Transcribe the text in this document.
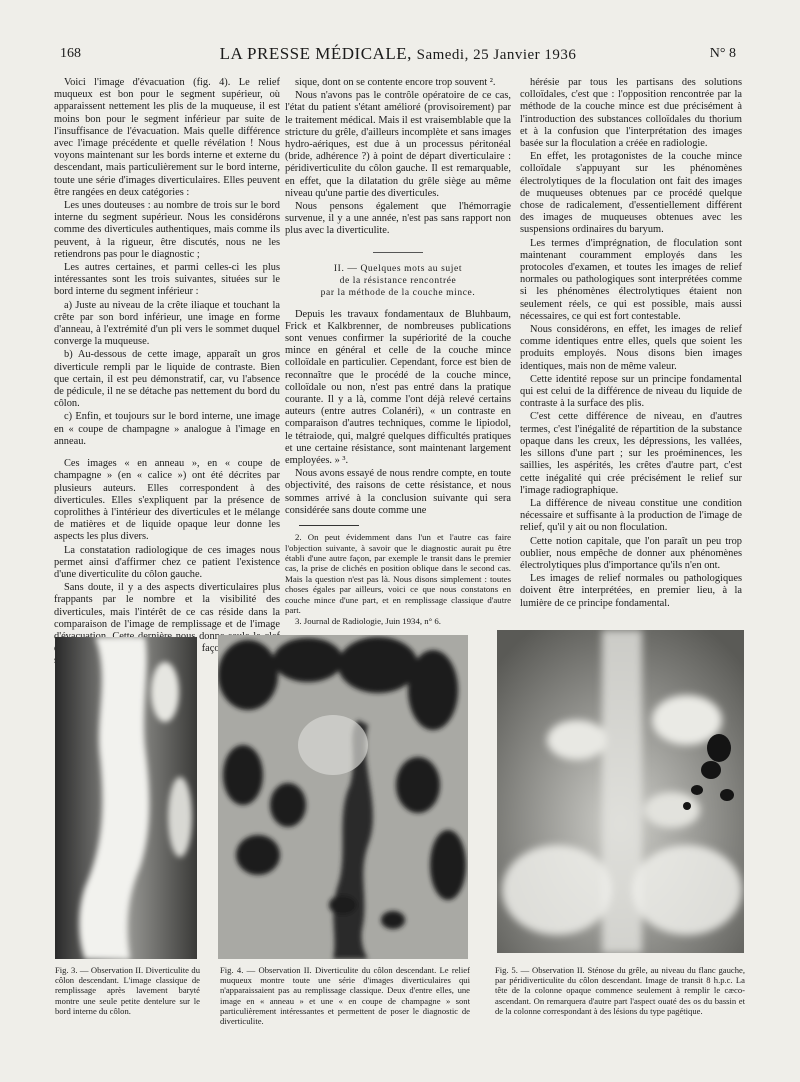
168	LA PRESSE MÉDICALE, Samedi, 25 Janvier 1936	N° 8

Voici l'image d'évacuation (fig. 4). Le relief muqueux est bon pour le segment supérieur, où apparaissent nettement les plis de la muqueuse, il est moins bon pour le segment inférieur par suite de l'insuffisance de l'évacuation. Mais quelle différence avec l'image précédente et quelle révélation ! Nous voyons maintenant sur les bords interne et externe du descendant, mais particulièrement sur le bord interne, toute une série d'images diverticulaires. Elles peuvent être rangées en deux catégories :

Les unes douteuses : au nombre de trois sur le bord interne du segment supérieur. Nous les considérons comme des diverticules authentiques, mais comme ils peuvent, à la rigueur, être discutés, nous ne les retiendrons pas pour le diagnostic ;

Les autres certaines, et parmi celles-ci les plus intéressantes sont les trois suivantes, situées sur le bord interne du segment inférieur :

a) Juste au niveau de la crête iliaque et touchant la crête par son bord inférieur, une image en forme d'anneau, à l'extrémité d'un pli vers le sommet duquel converge la muqueuse.

b) Au-dessous de cette image, apparaît un gros diverticule rempli par le liquide de contraste. Bien que certain, il est peu démonstratif, car, vu l'absence de pédicule, il ne se détache pas nettement du bord du côlon.

c) Enfin, et toujours sur le bord interne, une image en « coupe de champagne » analogue à l'image en anneau.

Ces images « en anneau », en « coupe de champagne » (en « calice ») ont été décrites par plusieurs auteurs. Elles correspondent à des diverticules. Elles s'expliquent par la présence de coprolithes à l'intérieur des diverticules et le mélange de matières et de liquide opaque leur donne les aspects les plus divers.

La constatation radiologique de ces images nous permet ainsi d'affirmer chez ce patient l'existence d'une diverticulite du côlon gauche.

Sans doute, il y a des aspects diverticulaires plus frappants par le nombre et la visibilité des diverticules, mais l'intérêt de ce cas réside dans la comparaison de l'image de remplissage et de l'image donne façon

sique, dont on se contente encore trop souvent ².

Nous n'avons pas le contrôle opératoire de ce cas, l'état du patient s'étant amélioré (provisoirement) par le traitement médical. Mais il est vraisemblable que la stricture du grêle, d'ailleurs incomplète et sans images hydro-aériques, est due à un processus péritonéal (bride, adhérence ?) à point de départ diverticulaire : péridiverticulite du côlon gauche. Il est remarquable, en effet, que la dilatation du grêle siège au même niveau qu'une partie des diverticules.

Nous pensons également que l'hémorragie survenue, il y a une année, n'est pas sans rapport non plus avec la diverticulite.

II. — Quelques mots au sujet
de la résistance rencontrée
par la méthode de la couche mince.

Depuis les travaux fondamentaux de Bluhbaum, Frick et Kalkbrenner, de nombreuses publications sont venues confirmer la supériorité de la couche mince en général et celle de la couche mince colloïdale en particulier. Cependant, force est bien de reconnaître que le procédé de la couche mince, colloïdale ou non, n'est pas entré dans la pratique courante. Il y a là, comme l'ont déjà relevé certains auteurs (entre autres Colanéri), « un contraste en comparaison d'autres techniques, comme le lipiodol, le tétraiode, qui, malgré quelques difficultés pratiques et une certaine résistance, sont maintenant largement employées. » ³.

Nous avons essayé de nous rendre compte, en toute objectivité, des raisons de cette résistance, et nous sommes arrivé à la conclusion suivante qui sera considérée sans doute comme une

2. On peut évidemment dans l'un et l'autre cas faire l'objection suivante, à savoir que le diagnostic aurait pu être établi d'une autre façon, par exemple le transit dans le premier cas, la prise de clichés en position oblique dans le second cas. Mais la question n'est pas là. Nous disons simplement : toutes choses égales par ailleurs, voici ce que nous constatons en couche mince d'une part, et en remplissage classique d'autre part.

3. Journal de Radiologie, Juin 1934, n° 6.

hérésie par tous les partisans des solutions colloïdales, c'est que : l'opposition rencontrée par la méthode de la couche mince est due précisément à l'introduction des substances colloïdales du thorium et à la confusion que l'interprétation des images basée sur la floculation a créée en radiologie.

En effet, les protagonistes de la couche mince colloïdale s'appuyant sur les phénomènes électrolytiques de la floculation ont fait des images de muqueuses obtenues par ce procédé quelque chose de radicalement, d'essentiellement différent des images de muqueuses obtenues avec les suspensions ordinaires du baryum.

Les termes d'imprégnation, de floculation sont maintenant couramment employés dans les protocoles d'examen, et toutes les images de relief normales ou pathologiques sont interprétées comme si les phénomènes électrolytiques étaient non seulement réels, ce qui est possible, mais aussi nécessaires, ce qui est fort contestable.

Nous considérons, en effet, les images de relief comme identiques entre elles, quels que soient les produits employés. Nous disons bien images identiques, mais non de même valeur.

Cette identité repose sur un principe fondamental qui est celui de la différence de niveau du liquide de contraste à la surface des plis.

C'est cette différence de niveau, en d'autres termes, c'est l'inégalité de répartition de la substance opaque dans les creux, les dépressions, les vallées, les sillons d'une part ; sur les proéminences, les saillies, les aspérités, les crêtes d'autre part, c'est cette inégalité qui crée précisément le relief sur l'image radiographique.

La différence de niveau constitue une condition nécessaire et suffisante à la production de l'image de relief, qu'il y ait ou non floculation.

Cette notion capitale, que l'on paraît un peu trop oublier, nous empêche de donner aux phénomènes électrolytiques plus d'importance qu'ils n'en ont.

Les images de relief normales ou pathologiques doivent être interprétées, en premier lieu, à la lumière de ce principe fondamental.

Fig. 3. — Observation II. Diverticulite du côlon descendant. L'image classique de remplissage après lavement baryté montre une seule petite dentelure sur le bord interne du côlon.
Fig. 4. — Observation II. Diverticulite du côlon descendant. Le relief muqueux montre toute une série d'images diverticulaires qui n'apparaissaient pas au remplissage classique. Deux d'entre elles, une image en « anneau » et une « en coupe de champagne » sont particulièrement intéressantes et permettent de poser le diagnostic de diverticulite.
Fig. 5. — Observation II. Sténose du grêle, au niveau du flanc gauche, par péridiverticulite du côlon descendant. Image de transit 8 h.p.c. La tête de la colonne opaque commence seulement à remplir le cæco-ascendant. On remarquera d'autre part l'aspect ouaté des os du bassin et de la colonne correspondant à des lésions du type pagétique.
